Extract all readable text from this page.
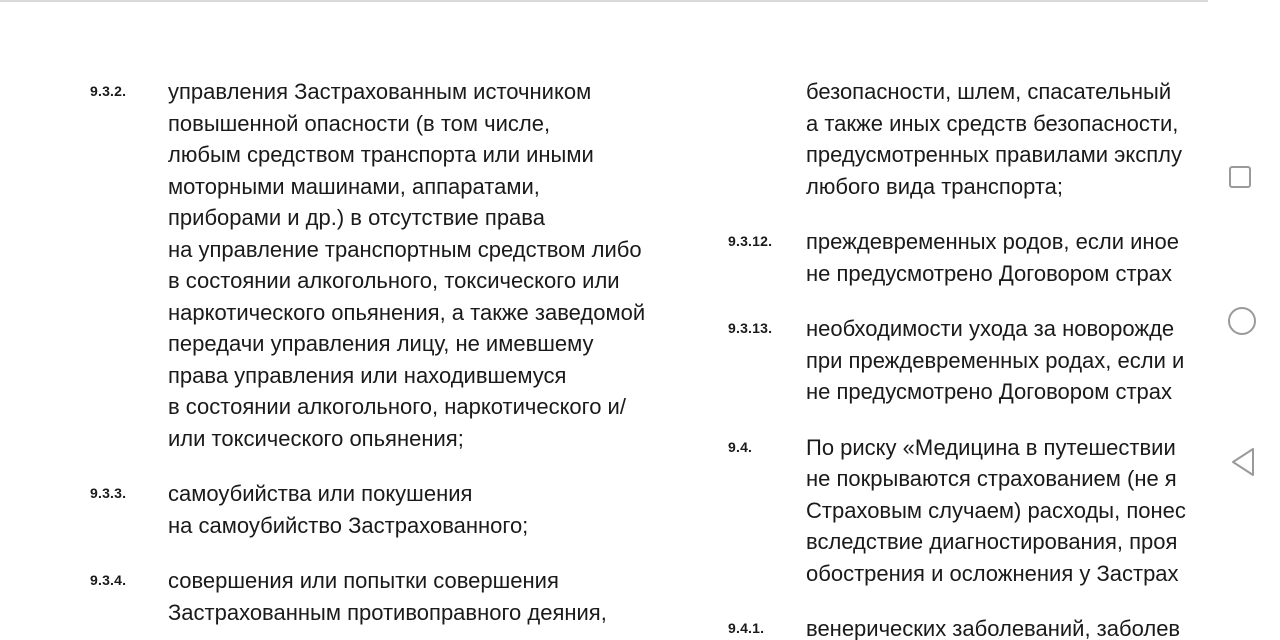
9.3.2.	управления Застрахованным источником
повышенной опасности (в том числе,
любым средством транспорта или иными
моторными машинами, аппаратами,
приборами и др.) в отсутствие права
на управление транспортным средством либо
в состоянии алкогольного, токсического или
наркотического опьянения, а также заведомой
передачи управления лицу, не имевшему
права управления или находившемуся
в состоянии алкогольного, наркотического и/
или токсического опьянения;
9.3.3.	самоубийства или покушения
на самоубийство Застрахованного;
9.3.4.	совершения или попытки совершения
Застрахованным противоправного деяния,
безопасности, шлем, спасательный
а также иных средств безопасности,
предусмотренных правилами эксплу
любого вида транспорта;
9.3.12.	преждевременных родов, если иное
не предусмотрено Договором страх
9.3.13.	необходимости ухода за новорожде
при преждевременных родах, если и
не предусмотрено Договором страх
9.4.	По риску «Медицина в путешествии
не покрываются страхованием (не я
Страховым случаем) расходы, понес
вследствие диагностирования, проя
обострения и осложнения у Застрах
9.4.1.	венерических заболеваний, заболев
